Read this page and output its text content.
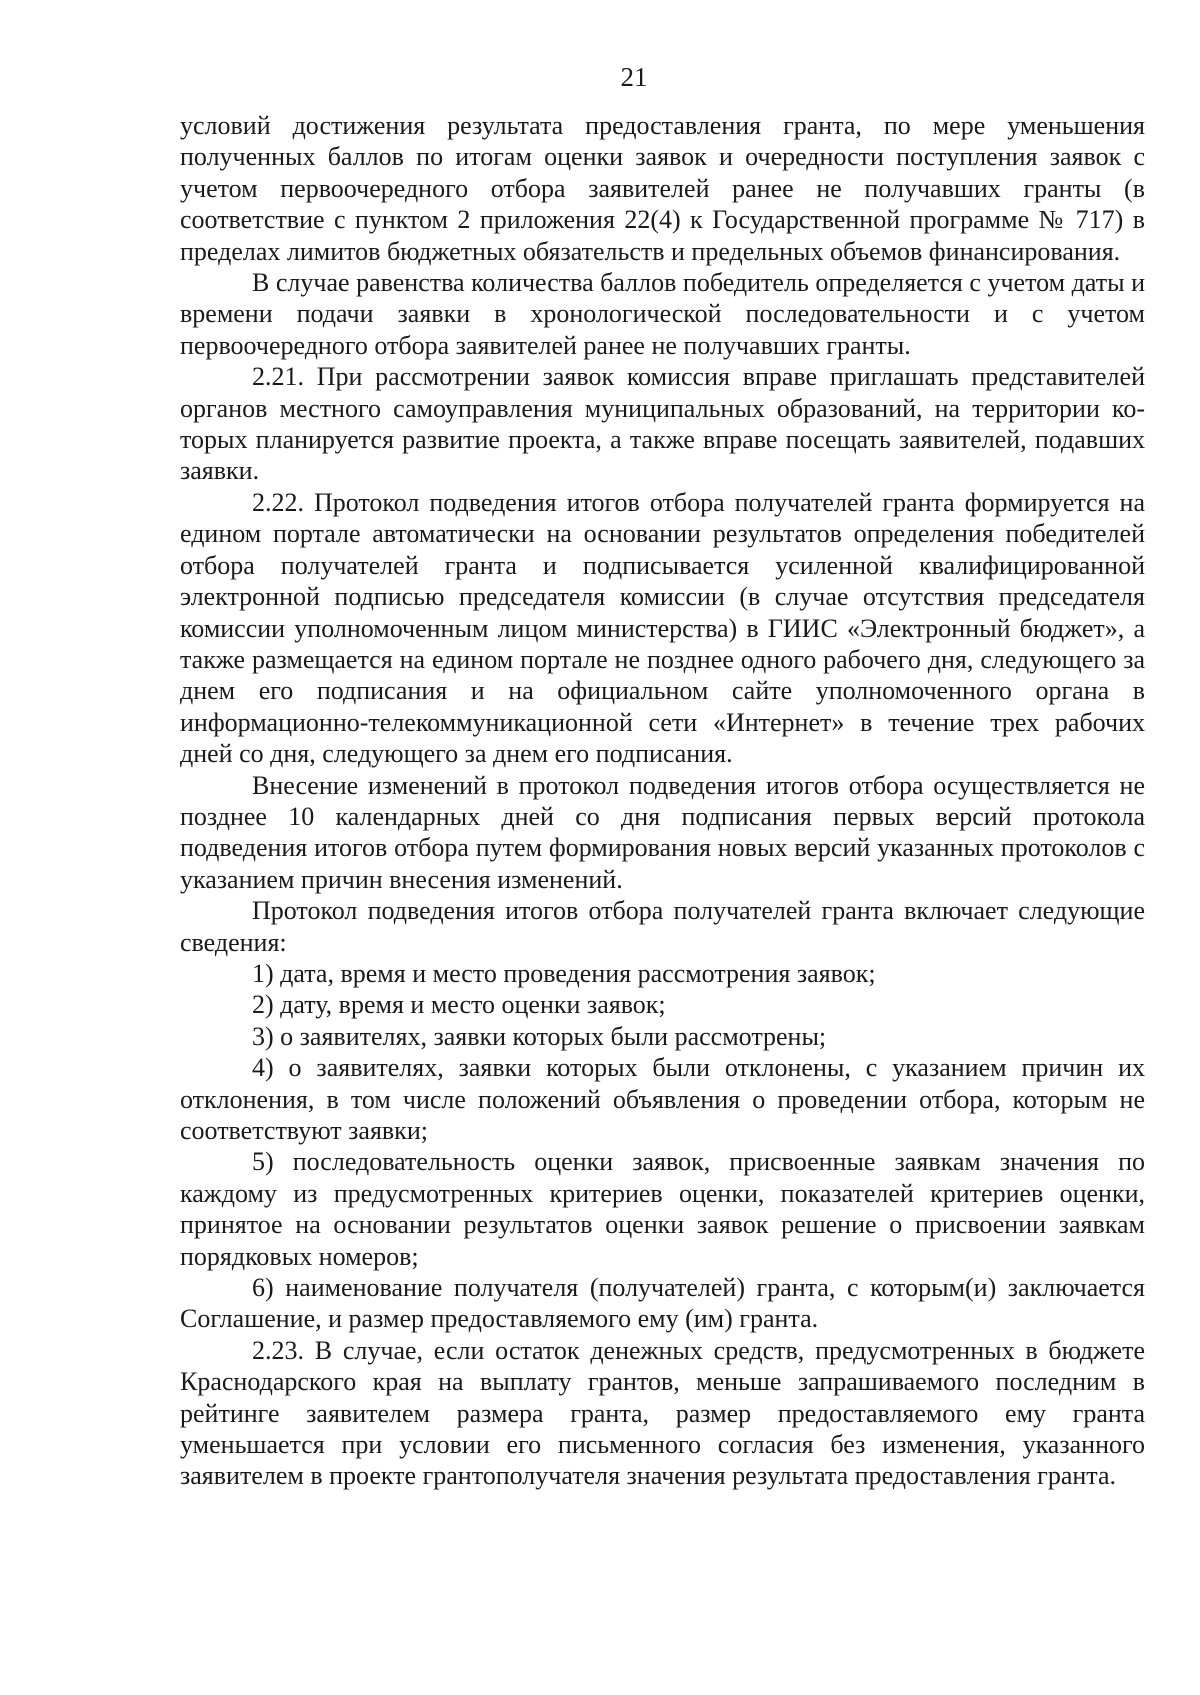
21

условий достижения результата предоставления гранта, по мере уменьшения полученных баллов по итогам оценки заявок и очередности поступления заявок с учетом первоочередного отбора заявителей ранее не получавших гранты (в соответствие с пунктом 2 приложения 22(4) к Государственной программе № 717) в пределах лимитов бюджетных обязательств и предельных объемов финансирования.

В случае равенства количества баллов победитель определяется с учетом даты и времени подачи заявки в хронологической последовательности и с учетом первоочередного отбора заявителей ранее не получавших гранты.

2.21. При рассмотрении заявок комиссия вправе приглашать представителей органов местного самоуправления муниципальных образований, на территории которых планируется развитие проекта, а также вправе посещать заявителей, подавших заявки.

2.22. Протокол подведения итогов отбора получателей гранта формируется на едином портале автоматически на основании результатов определения победителей отбора получателей гранта и подписывается усиленной квалифицированной электронной подписью председателя комиссии (в случае отсутствия председателя комиссии уполномоченным лицом министерства) в ГИИС «Электронный бюджет», а также размещается на едином портале не позднее одного рабочего дня, следующего за днем его подписания и на официальном сайте уполномоченного органа в информационно-телекоммуникационной сети «Интернет» в течение трех рабочих дней со дня, следующего за днем его подписания.

Внесение изменений в протокол подведения итогов отбора осуществляется не позднее 10 календарных дней со дня подписания первых версий протокола подведения итогов отбора путем формирования новых версий указанных протоколов с указанием причин внесения изменений.

Протокол подведения итогов отбора получателей гранта включает следующие сведения:

1) дата, время и место проведения рассмотрения заявок;

2) дату, время и место оценки заявок;

3) о заявителях, заявки которых были рассмотрены;

4) о заявителях, заявки которых были отклонены, с указанием причин их отклонения, в том числе положений объявления о проведении отбора, которым не соответствуют заявки;

5) последовательность оценки заявок, присвоенные заявкам значения по каждому из предусмотренных критериев оценки, показателей критериев оценки, принятое на основании результатов оценки заявок решение о присвоении заявкам порядковых номеров;

6) наименование получателя (получателей) гранта, с которым(и) заключается Соглашение, и размер предоставляемого ему (им) гранта.

2.23. В случае, если остаток денежных средств, предусмотренных в бюджете Краснодарского края на выплату грантов, меньше запрашиваемого последним в рейтинге заявителем размера гранта, размер предоставляемого ему гранта уменьшается при условии его письменного согласия без изменения, указанного заявителем в проекте грантополучателя значения результата предоставления гранта.
